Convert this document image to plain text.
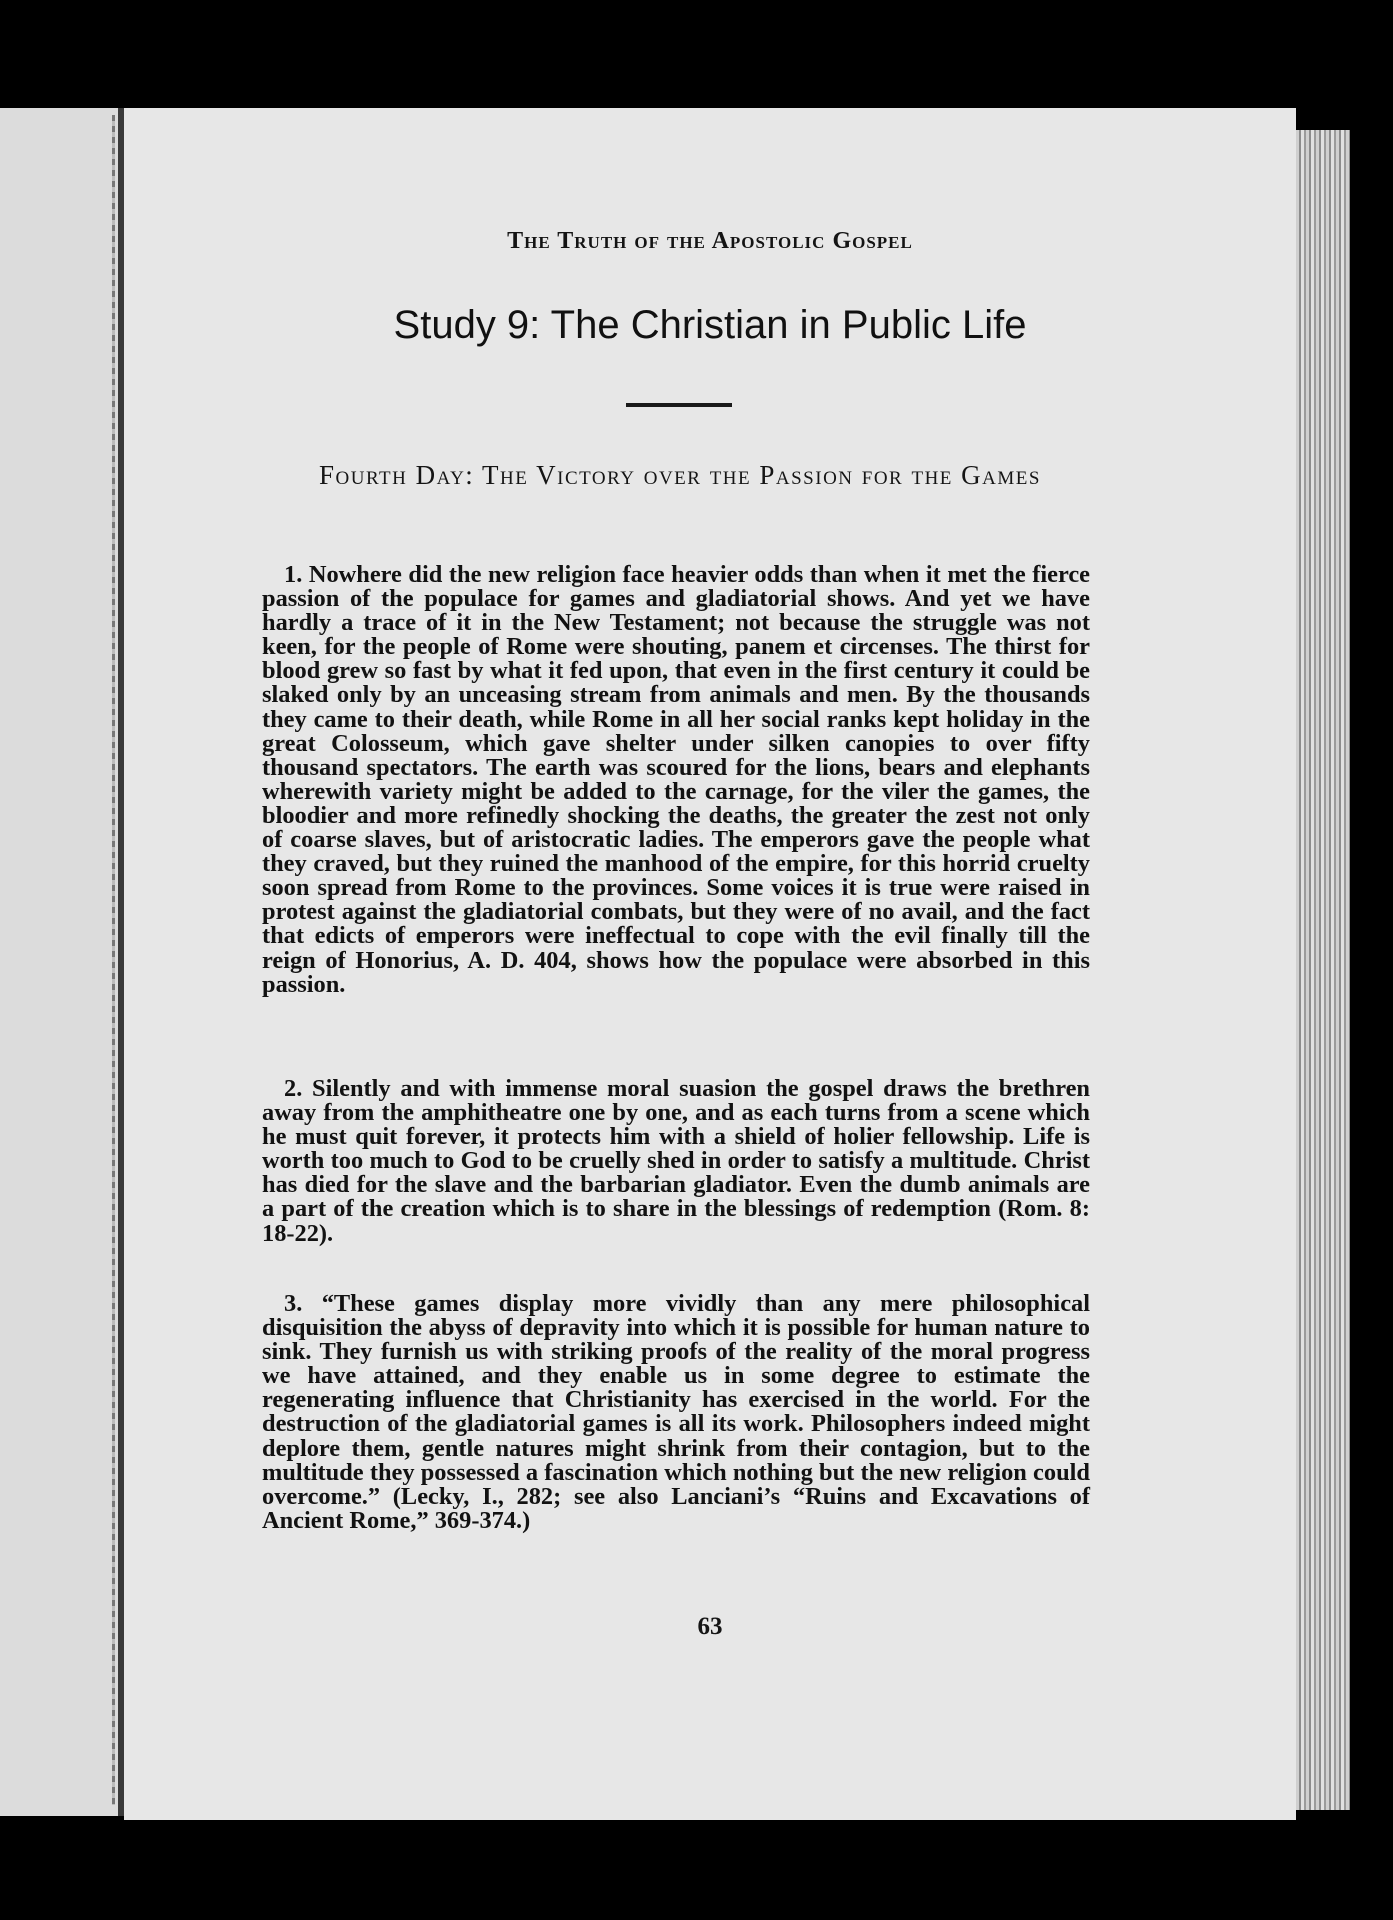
The Truth of the Apostolic Gospel
Study 9: The Christian in Public Life
Fourth Day: The Victory over the Passion for the Games

1. Nowhere did the new religion face heavier odds than when it met the fierce passion of the populace for games and gladiatorial shows. And yet we have hardly a trace of it in the New Testament; not because the struggle was not keen, for the people of Rome were shouting, panem et circenses. The thirst for blood grew so fast by what it fed upon, that even in the first century it could be slaked only by an unceasing stream from animals and men. By the thousands they came to their death, while Rome in all her social ranks kept holiday in the great Colosseum, which gave shelter under silken canopies to over fifty thousand spectators. The earth was scoured for the lions, bears and elephants wherewith variety might be added to the carnage, for the viler the games, the bloodier and more refinedly shocking the deaths, the greater the zest not only of coarse slaves, but of aristocratic ladies. The emperors gave the people what they craved, but they ruined the manhood of the empire, for this horrid cruelty soon spread from Rome to the provinces. Some voices it is true were raised in protest against the gladiatorial combats, but they were of no avail, and the fact that edicts of emperors were ineffectual to cope with the evil finally till the reign of Honorius, A. D. 404, shows how the populace were absorbed in this passion.

2. Silently and with immense moral suasion the gospel draws the brethren away from the amphitheatre one by one, and as each turns from a scene which he must quit forever, it protects him with a shield of holier fellowship. Life is worth too much to God to be cruelly shed in order to satisfy a multitude. Christ has died for the slave and the barbarian gladiator. Even the dumb animals are a part of the creation which is to share in the blessings of redemption (Rom. 8: 18-22).

3. “These games display more vividly than any mere philosophical disquisition the abyss of depravity into which it is possible for human nature to sink. They furnish us with striking proofs of the reality of the moral progress we have attained, and they enable us in some degree to estimate the regenerating influence that Christianity has exercised in the world. For the destruction of the gladiatorial games is all its work. Philosophers indeed might deplore them, gentle natures might shrink from their contagion, but to the multitude they possessed a fascination which nothing but the new religion could overcome.” (Lecky, I., 282; see also Lanciani’s “Ruins and Excavations of Ancient Rome,” 369-374.)

63
